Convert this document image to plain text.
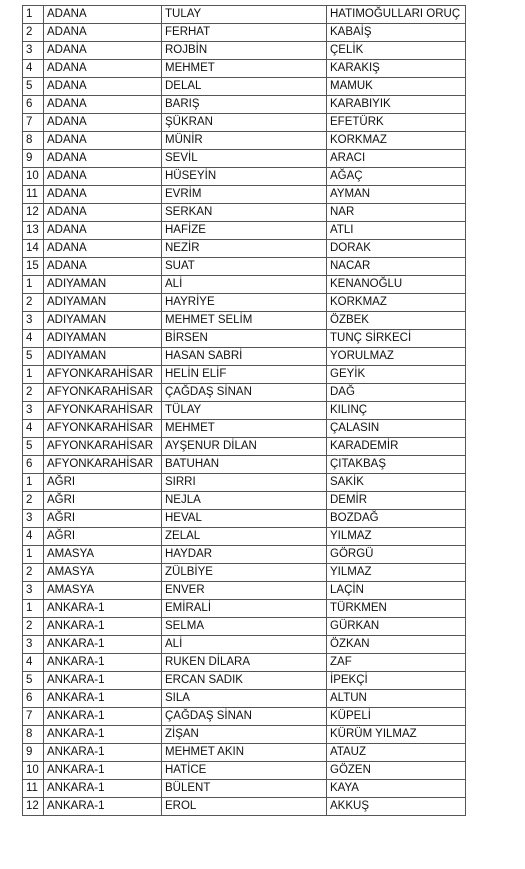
1	ADANA	TULAY	HATIMOĞULLARI ORUÇ
2	ADANA	FERHAT	KABAİŞ
3	ADANA	ROJBİN	ÇELİK
4	ADANA	MEHMET	KARAKIŞ
5	ADANA	DELAL	MAMUK
6	ADANA	BARIŞ	KARABIYIK
7	ADANA	ŞÜKRAN	EFETÜRK
8	ADANA	MÜNİR	KORKMAZ
9	ADANA	SEVİL	ARACI
10	ADANA	HÜSEYİN	AĞAÇ
11	ADANA	EVRİM	AYMAN
12	ADANA	SERKAN	NAR
13	ADANA	HAFİZE	ATLI
14	ADANA	NEZİR	DORAK
15	ADANA	SUAT	NACAR
1	ADIYAMAN	ALİ	KENANOĞLU
2	ADIYAMAN	HAYRİYE	KORKMAZ
3	ADIYAMAN	MEHMET SELİM	ÖZBEK
4	ADIYAMAN	BİRSEN	TUNÇ SİRKECİ
5	ADIYAMAN	HASAN SABRİ	YORULMAZ
1	AFYONKARAHİSAR	HELİN ELİF	GEYİK
2	AFYONKARAHİSAR	ÇAĞDAŞ SİNAN	DAĞ
3	AFYONKARAHİSAR	TÜLAY	KILINÇ
4	AFYONKARAHİSAR	MEHMET	ÇALASIN
5	AFYONKARAHİSAR	AYŞENUR DİLAN	KARADEMİR
6	AFYONKARAHİSAR	BATUHAN	ÇITAKBAŞ
1	AĞRI	SIRRI	SAKİK
2	AĞRI	NEJLA	DEMİR
3	AĞRI	HEVAL	BOZDAĞ
4	AĞRI	ZELAL	YILMAZ
1	AMASYA	HAYDAR	GÖRGÜ
2	AMASYA	ZÜLBİYE	YILMAZ
3	AMASYA	ENVER	LAÇİN
1	ANKARA-1	EMİRALİ	TÜRKMEN
2	ANKARA-1	SELMA	GÜRKAN
3	ANKARA-1	ALİ	ÖZKAN
4	ANKARA-1	RUKEN DİLARA	ZAF
5	ANKARA-1	ERCAN SADIK	İPEKÇİ
6	ANKARA-1	SILA	ALTUN
7	ANKARA-1	ÇAĞDAŞ SİNAN	KÜPELİ
8	ANKARA-1	ZİŞAN	KÜRÜM YILMAZ
9	ANKARA-1	MEHMET AKIN	ATAUZ
10	ANKARA-1	HATİCE	GÖZEN
11	ANKARA-1	BÜLENT	KAYA
12	ANKARA-1	EROL	AKKUŞ
